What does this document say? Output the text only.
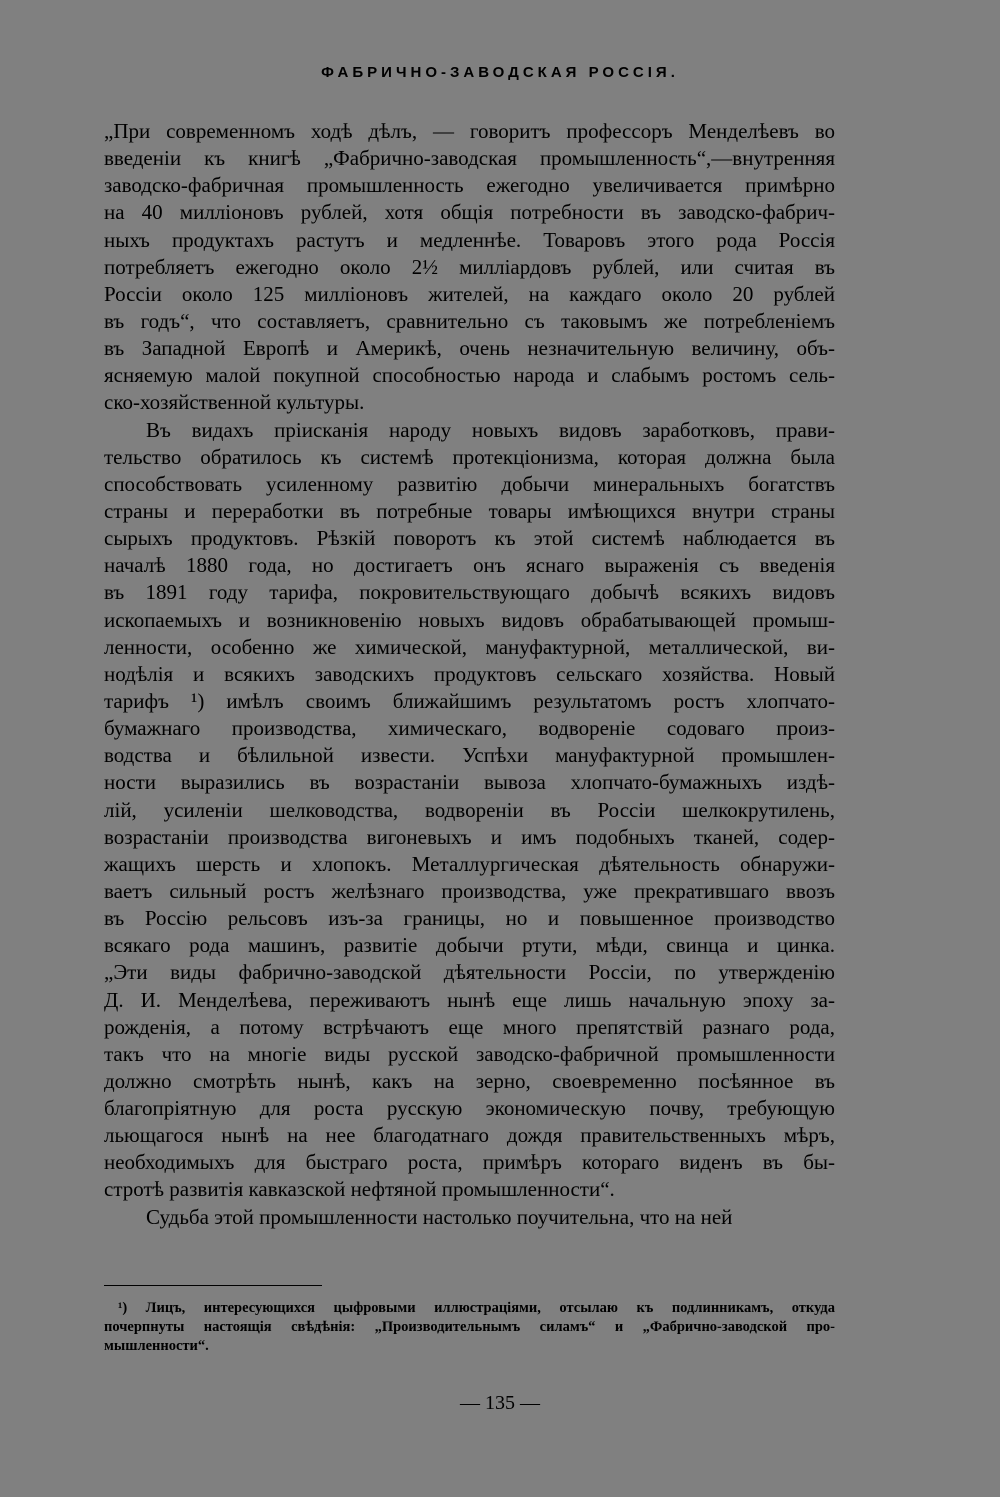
ФАБРИЧНО-ЗАВОДСКАЯ РОССІЯ.
„При современномъ ходѣ дѣлъ, — говоритъ профессоръ Менделѣевъ во
введеніи къ книгѣ „Фабрично-заводская промышленность“,—внутренняя
заводско-фабричная промышленность ежегодно увеличивается примѣрно
на 40 милліоновъ рублей, хотя общія потребности въ заводско-фабрич-
ныхъ продуктахъ растутъ и медленнѣе. Товаровъ этого рода Россія
потребляетъ ежегодно около 2½ милліардовъ рублей, или считая въ
Россіи около 125 милліоновъ жителей, на каждаго около 20 рублей
въ годъ“, что составляетъ, сравнительно съ таковымъ же потребленіемъ
въ Западной Европѣ и Америкѣ, очень незначительную величину, объ-
ясняемую малой покупной способностью народа и слабымъ ростомъ сель-
ско-хозяйственной культуры.
Въ видахъ пріисканія народу новыхъ видовъ заработковъ, прави-
тельство обратилось къ системѣ протекціонизма, которая должна была
способствовать усиленному развитію добычи минеральныхъ богатствъ
страны и переработки въ потребные товары имѣющихся внутри страны
сырыхъ продуктовъ. Рѣзкій поворотъ къ этой системѣ наблюдается въ
началѣ 1880 года, но достигаетъ онъ яснаго выраженія съ введенія
въ 1891 году тарифа, покровительствующаго добычѣ всякихъ видовъ
ископаемыхъ и возникновенію новыхъ видовъ обрабатывающей промыш-
ленности, особенно же химической, мануфактурной, металлической, ви-
нодѣлія и всякихъ заводскихъ продуктовъ сельскаго хозяйства. Новый
тарифъ ¹) имѣлъ своимъ ближайшимъ результатомъ ростъ хлопчато-
бумажнаго производства, химическаго, водвореніе содоваго произ-
водства и бѣлильной извести. Успѣхи мануфактурной промышлен-
ности выразились въ возрастаніи вывоза хлопчато-бумажныхъ издѣ-
лій, усиленіи шелководства, водвореніи въ Россіи шелкокрутилень,
возрастаніи производства вигоневыхъ и имъ подобныхъ тканей, содер-
жащихъ шерсть и хлопокъ. Металлургическая дѣятельность обнаружи-
ваетъ сильный ростъ желѣзнаго производства, уже прекратившаго ввозъ
въ Россію рельсовъ изъ-за границы, но и повышенное производство
всякаго рода машинъ, развитіе добычи ртути, мѣди, свинца и цинка.
„Эти виды фабрично-заводской дѣятельности Россіи, по утвержденію
Д. И. Менделѣева, переживаютъ нынѣ еще лишь начальную эпоху за-
рожденія, а потому встрѣчаютъ еще много препятствій разнаго рода,
такъ что на многіе виды русской заводско-фабричной промышленности
должно смотрѣть нынѣ, какъ на зерно, своевременно посѣянное въ
благопріятную для роста русскую экономическую почву, требующую
льющагося нынѣ на нее благодатнаго дождя правительственныхъ мѣръ,
необходимыхъ для быстраго роста, примѣръ котораго виденъ въ бы-
стротѣ развитія кавказской нефтяной промышленности“.
Судьба этой промышленности настолько поучительна, что на ней
¹) Лицъ, интересующихся цыфровыми иллюстраціями, отсылаю къ подлинникамъ, откуда
почерпнуты настоящія свѣдѣнія: „Производительнымъ силамъ“ и „Фабрично-заводской про-
мышленности“.
— 135 —
